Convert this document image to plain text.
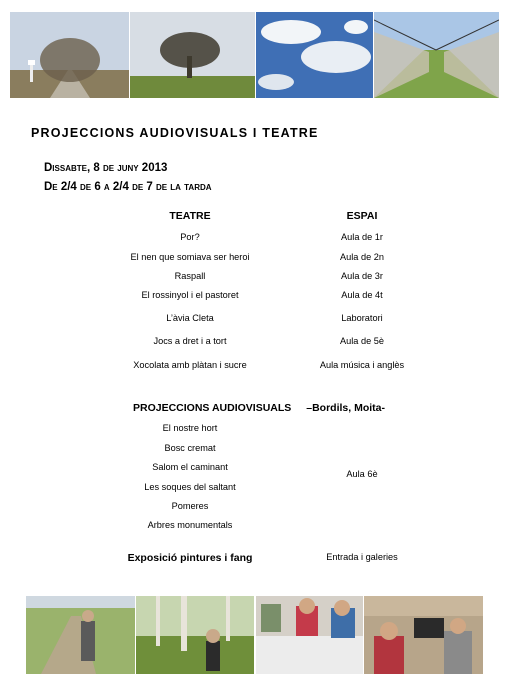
PROJECCIONS AUDIOVISUALS I TEATRE
Dissabte, 8 de juny 2013
De 2/4 de 6 a 2/4 de 7 de la tarda
TEATRE	ESPAI
Por?	Aula de 1r
El nen que somiava ser heroi	Aula de 2n
Raspall	Aula de 3r
El rossinyol i el pastoret	Aula de 4t
L’àvia Cleta	Laboratori
Jocs a dret i a tort	Aula de 5è
Xocolata amb plàtan i sucre	Aula música i anglès
PROJECCIONS AUDIOVISUALS –Bordils, Moita-
El nostre hort
Bosc cremat
Salom el caminant
Les soques del saltant
Pomeres
Arbres monumentals
Aula 6è
Exposició pintures i fang	Entrada i galeries
